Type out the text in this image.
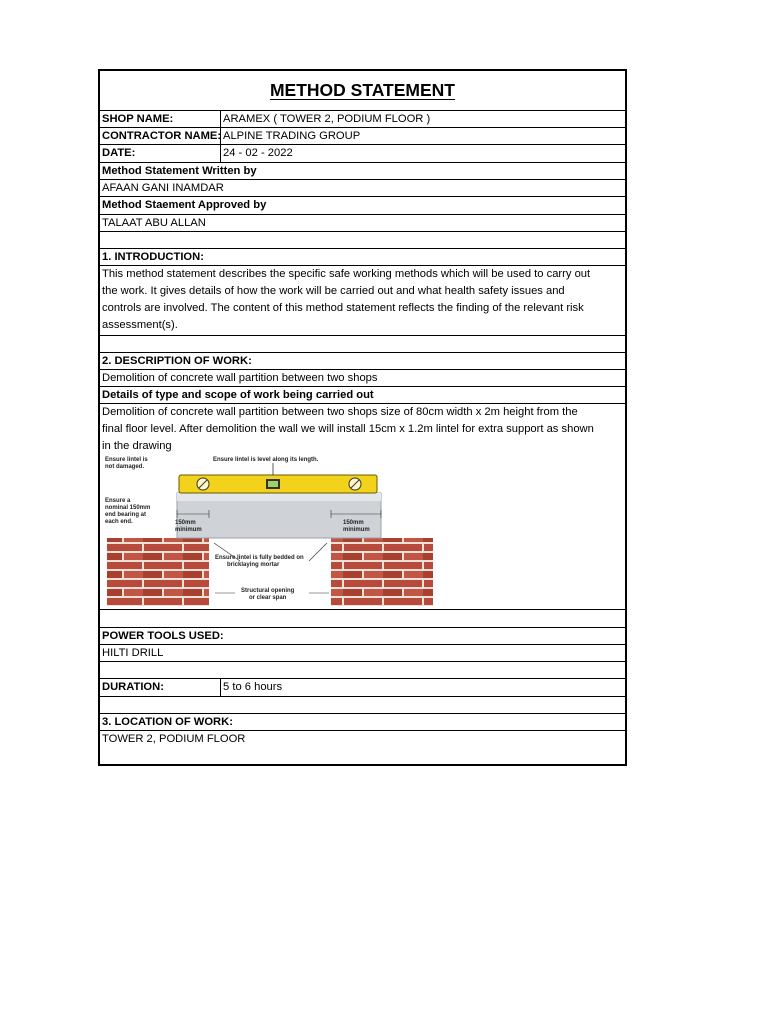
METHOD STATEMENT
SHOP NAME:	ARAMEX ( TOWER 2, PODIUM FLOOR )
CONTRACTOR NAME: ALPINE TRADING GROUP
DATE:	24 - 02 - 2022
Method Statement Written by
AFAAN GANI INAMDAR
Method Staement Approved by
TALAAT ABU ALLAN
1. INTRODUCTION:
This method statement describes the specific safe working methods which will be used to carry out
the work. It gives details of how the work will be carried out and what health safety issues and
controls are involved. The content of this method statement reflects the finding of the relevant risk
assessment(s).
2. DESCRIPTION OF WORK:
Demolition of concrete wall partition between two shops
Details of type and scope of work being carried out
Demolition of concrete wall partition between two shops size of 80cm width x 2m height from the
final floor level. After demolition the wall we will install 15cm x 1.2m lintel for extra support as shown
in the drawing
Ensure lintel is
not damaged.
Ensure lintel is level along its length.
Ensure a
nominal 150mm
end bearing at
each end.	150mm
minimum
150mm
minimum
Ensure lintel is fully bedded on
bricklaying mortar
Structural opening
or clear span
POWER TOOLS USED:
HILTI DRILL
DURATION:	5 to 6 hours
3. LOCATION OF WORK:
TOWER 2, PODIUM FLOOR
